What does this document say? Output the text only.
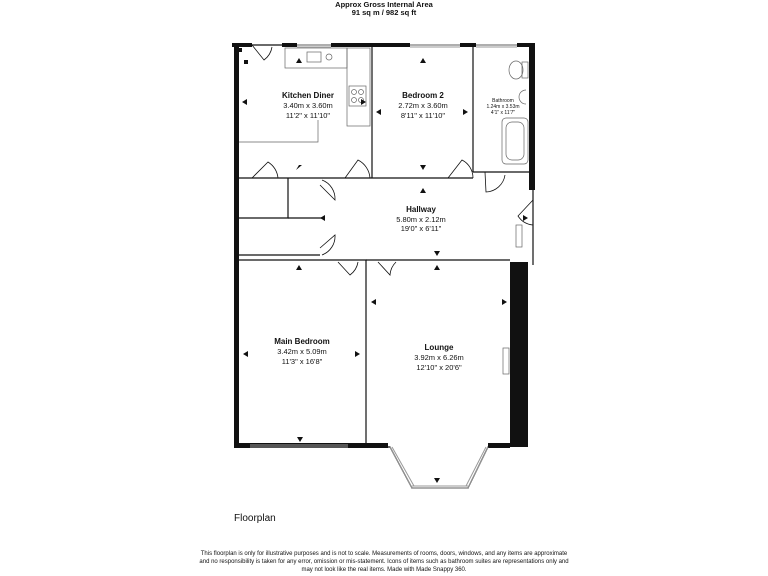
Approx Gross Internal Area
91 sq m / 982 sq ft
Kitchen Diner
3.40m x 3.60m
11'2" x 11'10"
Bedroom 2
2.72m x 3.60m
8'11" x 11'10"
Bathroom
1.24m x 3.53m
4'1" x 11'7"
Hallway
5.80m x 2.12m
19'0" x 6'11"
Main Bedroom
3.42m x 5.09m
11'3" x 16'8"
Lounge
3.92m x 6.26m
12'10" x 20'6"
Floorplan
This floorplan is only for illustrative purposes and is not to scale. Measurements of rooms, doors, windows, and any items are approximate
and no responsibility is taken for any error, omission or mis-statement. Icons of items such as bathroom suites are representations only and
may not look like the real items. Made with Made Snappy 360.
